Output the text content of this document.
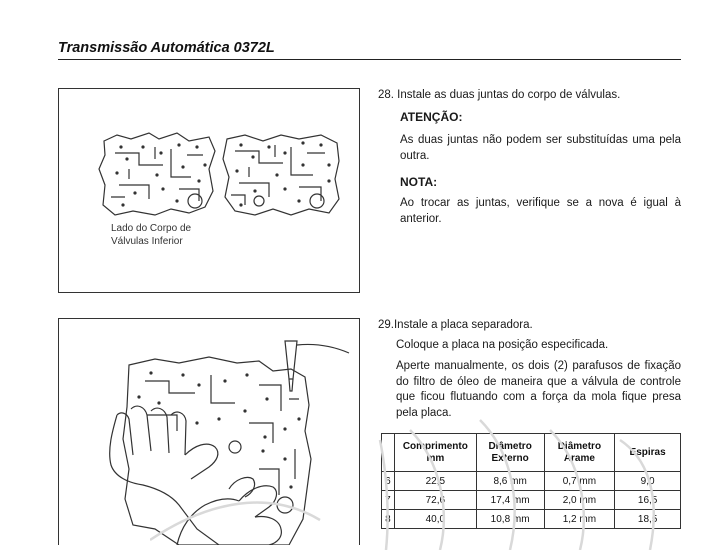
Transmissão Automática 0372L
Lado do Corpo de
Válvulas Inferior
28. Instale as duas juntas do corpo de válvulas.
ATENÇÃO:
As duas juntas não podem ser substituídas uma pela
outra.
NOTA:
Ao trocar as juntas, verifique se a nova é igual à
anterior.
29.Instale a placa separadora.
Coloque a placa na posição especificada.
Aperte manualmente, os dois (2) parafusos de fixação
do filtro de óleo de maneira que a válvula de controle
que ficou flutuando com a força da mola fique presa
pela placa.
	Comprimento mm	Diâmetro Externo	Diâmetro Arame	Espiras
6	22,5	8,6 mm	0,7 mm	9,0
7	72,6	17,4 mm	2,0 mm	16,5
8	40,0	10,8 mm	1,2 mm	18,5
